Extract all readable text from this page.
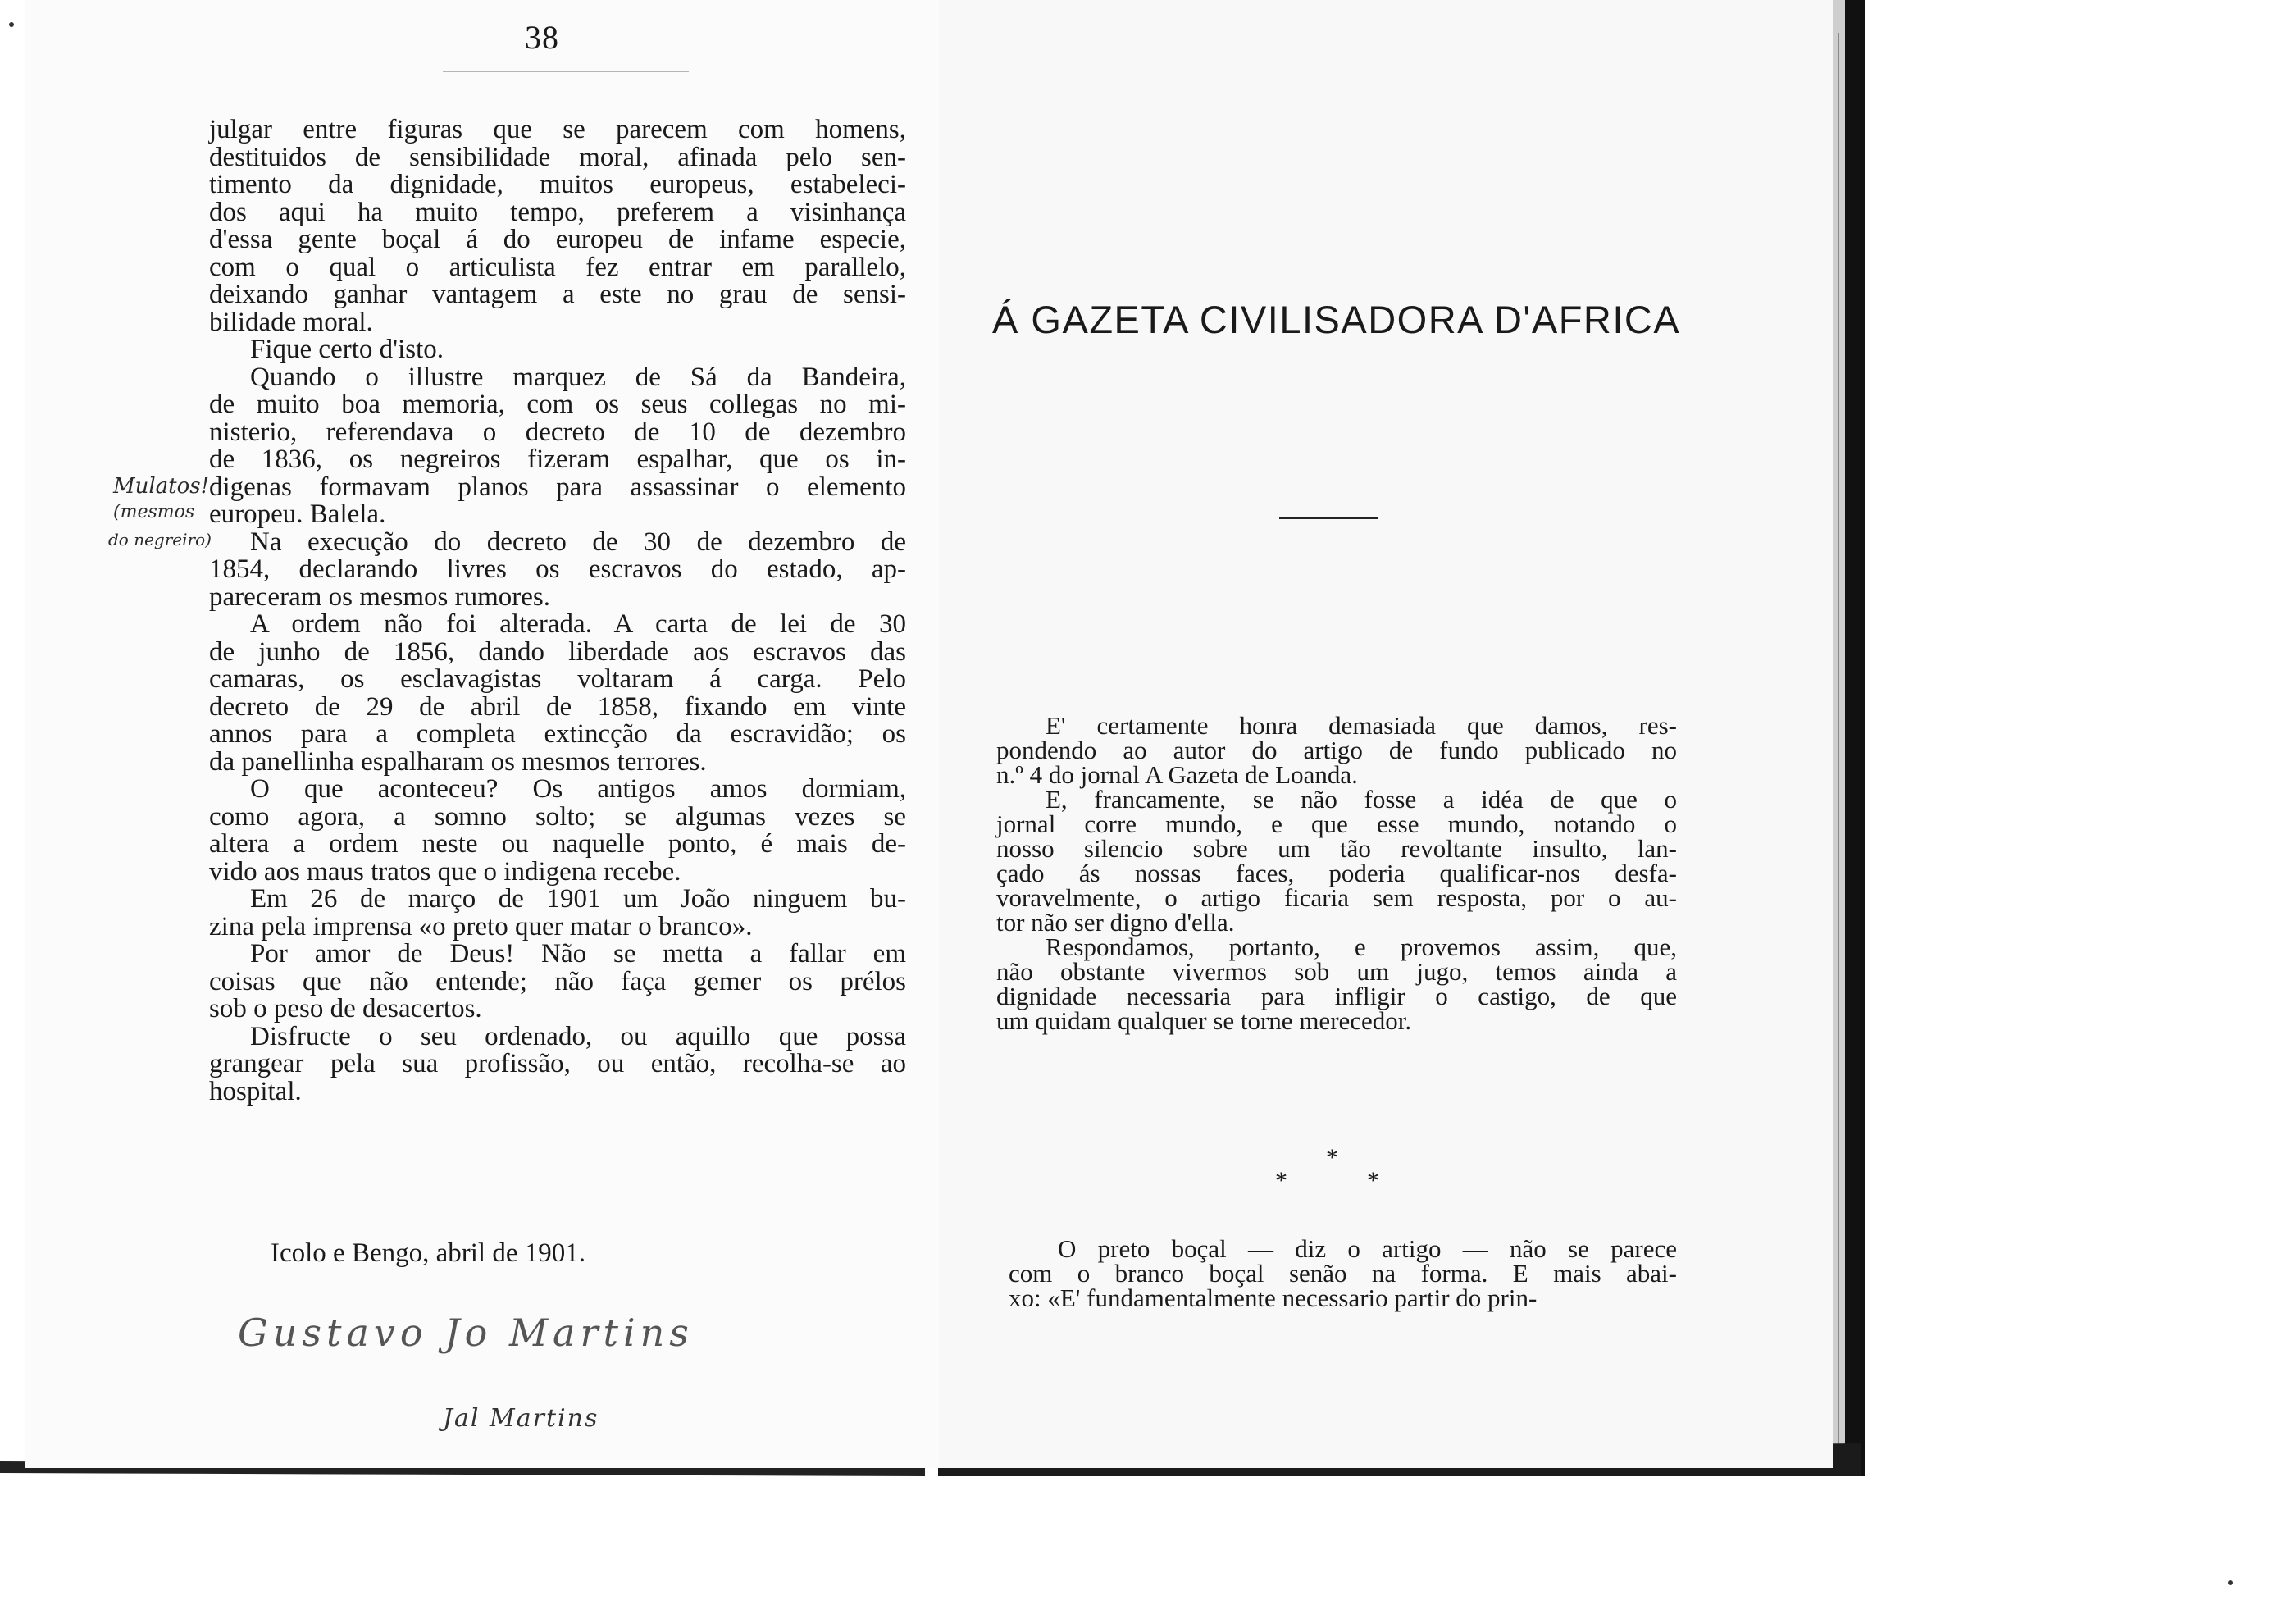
38
julgar entre figuras que se parecem com homens,
destituidos de sensibilidade moral, afinada pelo sen-
timento da dignidade, muitos europeus, estabeleci-
dos aqui ha muito tempo, preferem a visinhança
d'essa gente boçal á do europeu de infame especie,
com o qual o articulista fez entrar em parallelo,
deixando ganhar vantagem a este no grau de sensi-
bilidade moral.
Fique certo d'isto.
Quando o illustre marquez de Sá da Bandeira,
de muito boa memoria, com os seus collegas no mi-
nisterio, referendava o decreto de 10 de dezembro
de 1836, os negreiros fizeram espalhar, que os in-
digenas formavam planos para assassinar o elemento
europeu. Balela.
Na execução do decreto de 30 de dezembro de
1854, declarando livres os escravos do estado, ap-
pareceram os mesmos rumores.
A ordem não foi alterada. A carta de lei de 30
de junho de 1856, dando liberdade aos escravos das
camaras, os esclavagistas voltaram á carga. Pelo
decreto de 29 de abril de 1858, fixando em vinte
annos para a completa extincção da escravidão; os
da panellinha espalharam os mesmos terrores.
O que aconteceu? Os antigos amos dormiam,
como agora, a somno solto; se algumas vezes se
altera a ordem neste ou naquelle ponto, é mais de-
vido aos maus tratos que o indigena recebe.
Em 26 de março de 1901 um João ninguem bu-
zina pela imprensa «o preto quer matar o branco».
Por amor de Deus! Não se metta a fallar em
coisas que não entende; não faça gemer os prélos
sob o peso de desacertos.
Disfructe o seu ordenado, ou aquillo que possa
grangear pela sua profissão, ou então, recolha-se ao
hospital.
Mulatos!
(mesmos
do negreiro)
Icolo e Bengo, abril de 1901.
Gustavo Jo Martins
Jal Martins
Á GAZETA CIVILISADORA D'AFRICA
E' certamente honra demasiada que damos, res-
pondendo ao autor do artigo de fundo publicado no
n.º 4 do jornal A Gazeta de Loanda.
E, francamente, se não fosse a idéa de que o
jornal corre mundo, e que esse mundo, notando o
nosso silencio sobre um tão revoltante insulto, lan-
çado ás nossas faces, poderia qualificar-nos desfa-
voravelmente, o artigo ficaria sem resposta, por o au-
tor não ser digno d'ella.
Respondamos, portanto, e provemos assim, que,
não obstante vivermos sob um jugo, temos ainda a
dignidade necessaria para infligir o castigo, de que
um quidam qualquer se torne merecedor.
*
*	*
O preto boçal — diz o artigo — não se parece
com o branco boçal senão na forma. E mais abai-
xo: «E' fundamentalmente necessario partir do prin-
